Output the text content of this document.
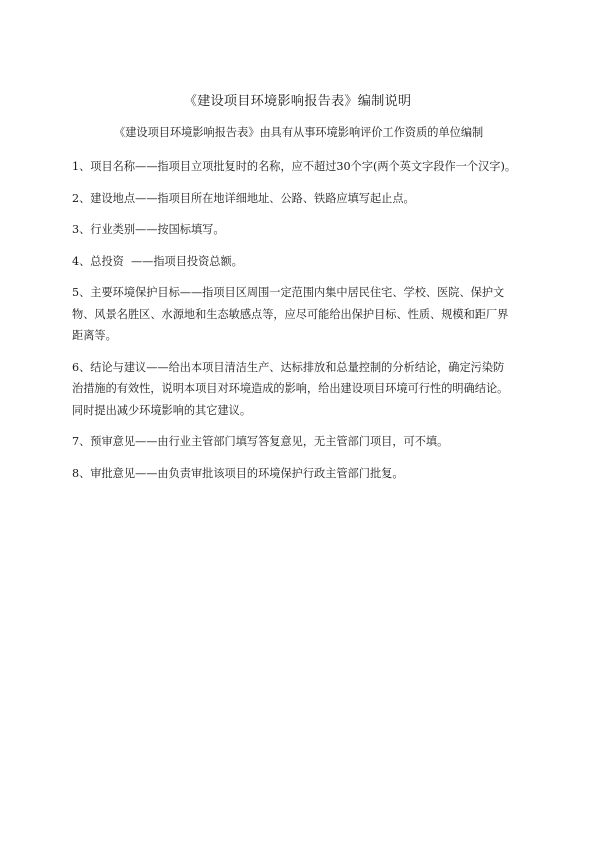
《建设项目环境影响报告表》编制说明
《建设项目环境影响报告表》由具有从事环境影响评价工作资质的单位编制
1、项目名称——指项目立项批复时的名称，应不超过30个字(两个英文字段作一个汉字)。
2、建设地点——指项目所在地详细地址、公路、铁路应填写起止点。
3、行业类别——按国标填写。
4、总投资  ——指项目投资总额。
5、主要环境保护目标——指项目区周围一定范围内集中居民住宅、学校、医院、保护文
物、风景名胜区、水源地和生态敏感点等，应尽可能给出保护目标、性质、规模和距厂界
距离等。
6、结论与建议——给出本项目清洁生产、达标排放和总量控制的分析结论，确定污染防
治措施的有效性，说明本项目对环境造成的影响，给出建设项目环境可行性的明确结论。
同时提出减少环境影响的其它建议。
7、预审意见——由行业主管部门填写答复意见，无主管部门项目，可不填。
8、审批意见——由负责审批该项目的环境保护行政主管部门批复。
